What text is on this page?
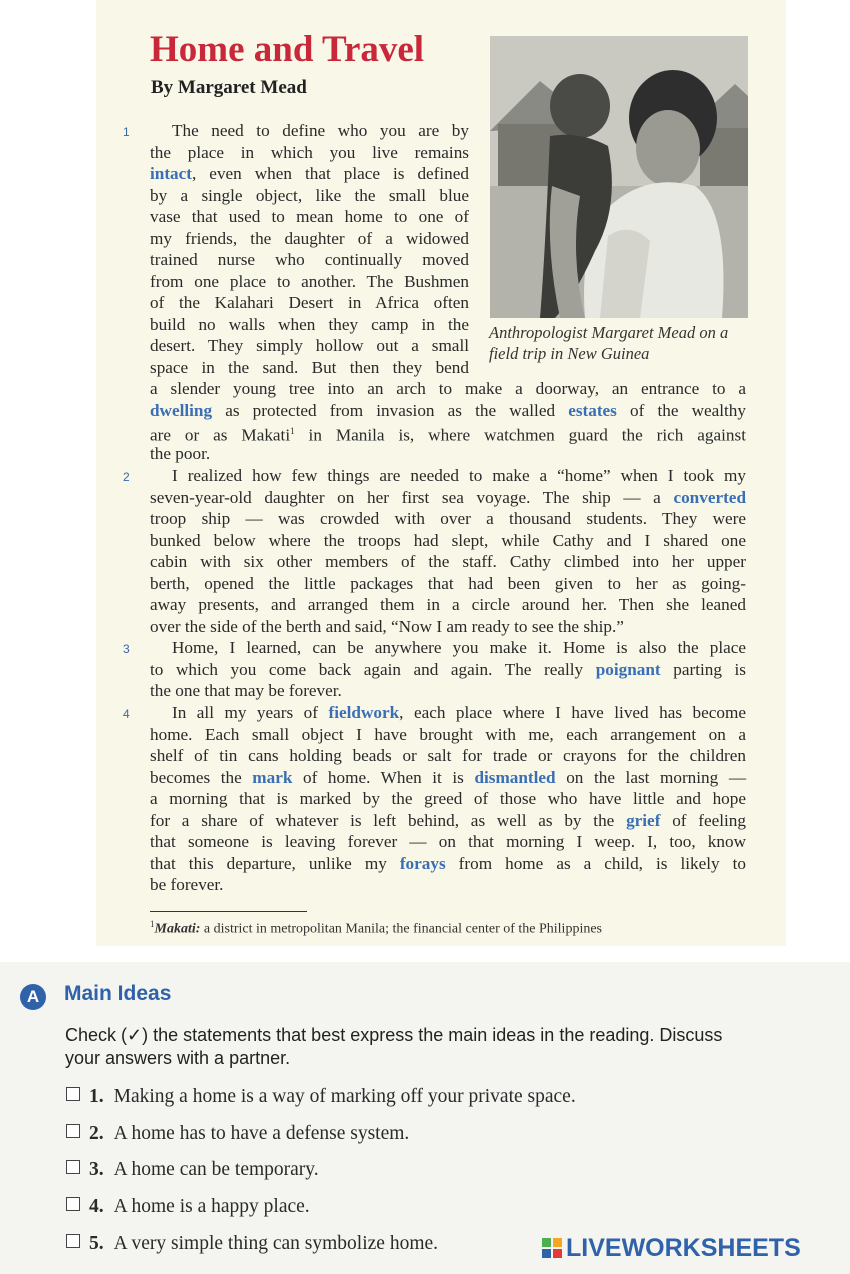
Home and Travel
By Margaret Mead
Anthropologist Margaret Mead on a
field trip in New Guinea
1	The need to define who you are by
the place in which you live remains
intact, even when that place is defined
by a single object, like the small blue
vase that used to mean home to one of
my friends, the daughter of a widowed
trained nurse who continually moved
from one place to another. The Bushmen
of the Kalahari Desert in Africa often
build no walls when they camp in the
desert. They simply hollow out a small
space in the sand. But then they bend
a slender young tree into an arch to make a doorway, an entrance to a
dwelling as protected from invasion as the walled estates of the wealthy
are or as Makati$^1$ in Manila is, where watchmen guard the rich against
the poor.
2	I realized how few things are needed to make a “home” when I took my
seven-year-old daughter on her first sea voyage. The ship — a converted
troop ship — was crowded with over a thousand students. They were
bunked below where the troops had slept, while Cathy and I shared one
cabin with six other members of the staff. Cathy climbed into her upper
berth, opened the little packages that had been given to her as going-
away presents, and arranged them in a circle around her. Then she leaned
over the side of the berth and said, “Now I am ready to see the ship.”
3	Home, I learned, can be anywhere you make it. Home is also the place
to which you come back again and again. The really poignant parting is
the one that may be forever.
4	In all my years of fieldwork, each place where I have lived has become
home. Each small object I have brought with me, each arrangement on a
shelf of tin cans holding beads or salt for trade or crayons for the children
becomes the mark of home. When it is dismantled on the last morning —
a morning that is marked by the greed of those who have little and hope
for a share of whatever is left behind, as well as by the grief of feeling
that someone is leaving forever — on that morning I weep. I, too, know
that this departure, unlike my forays from home as a child, is likely to
be forever.
$^1$Makati: a district in metropolitan Manila; the financial center of the Philippines
A	Main Ideas
Check (✓) the statements that best express the main ideas in the reading. Discuss
your answers with a partner.
1. Making a home is a way of marking off your private space.
2. A home has to have a defense system.
3. A home can be temporary.
4. A home is a happy place.
5. A very simple thing can symbolize home.	LIVEWORKSHEETS
